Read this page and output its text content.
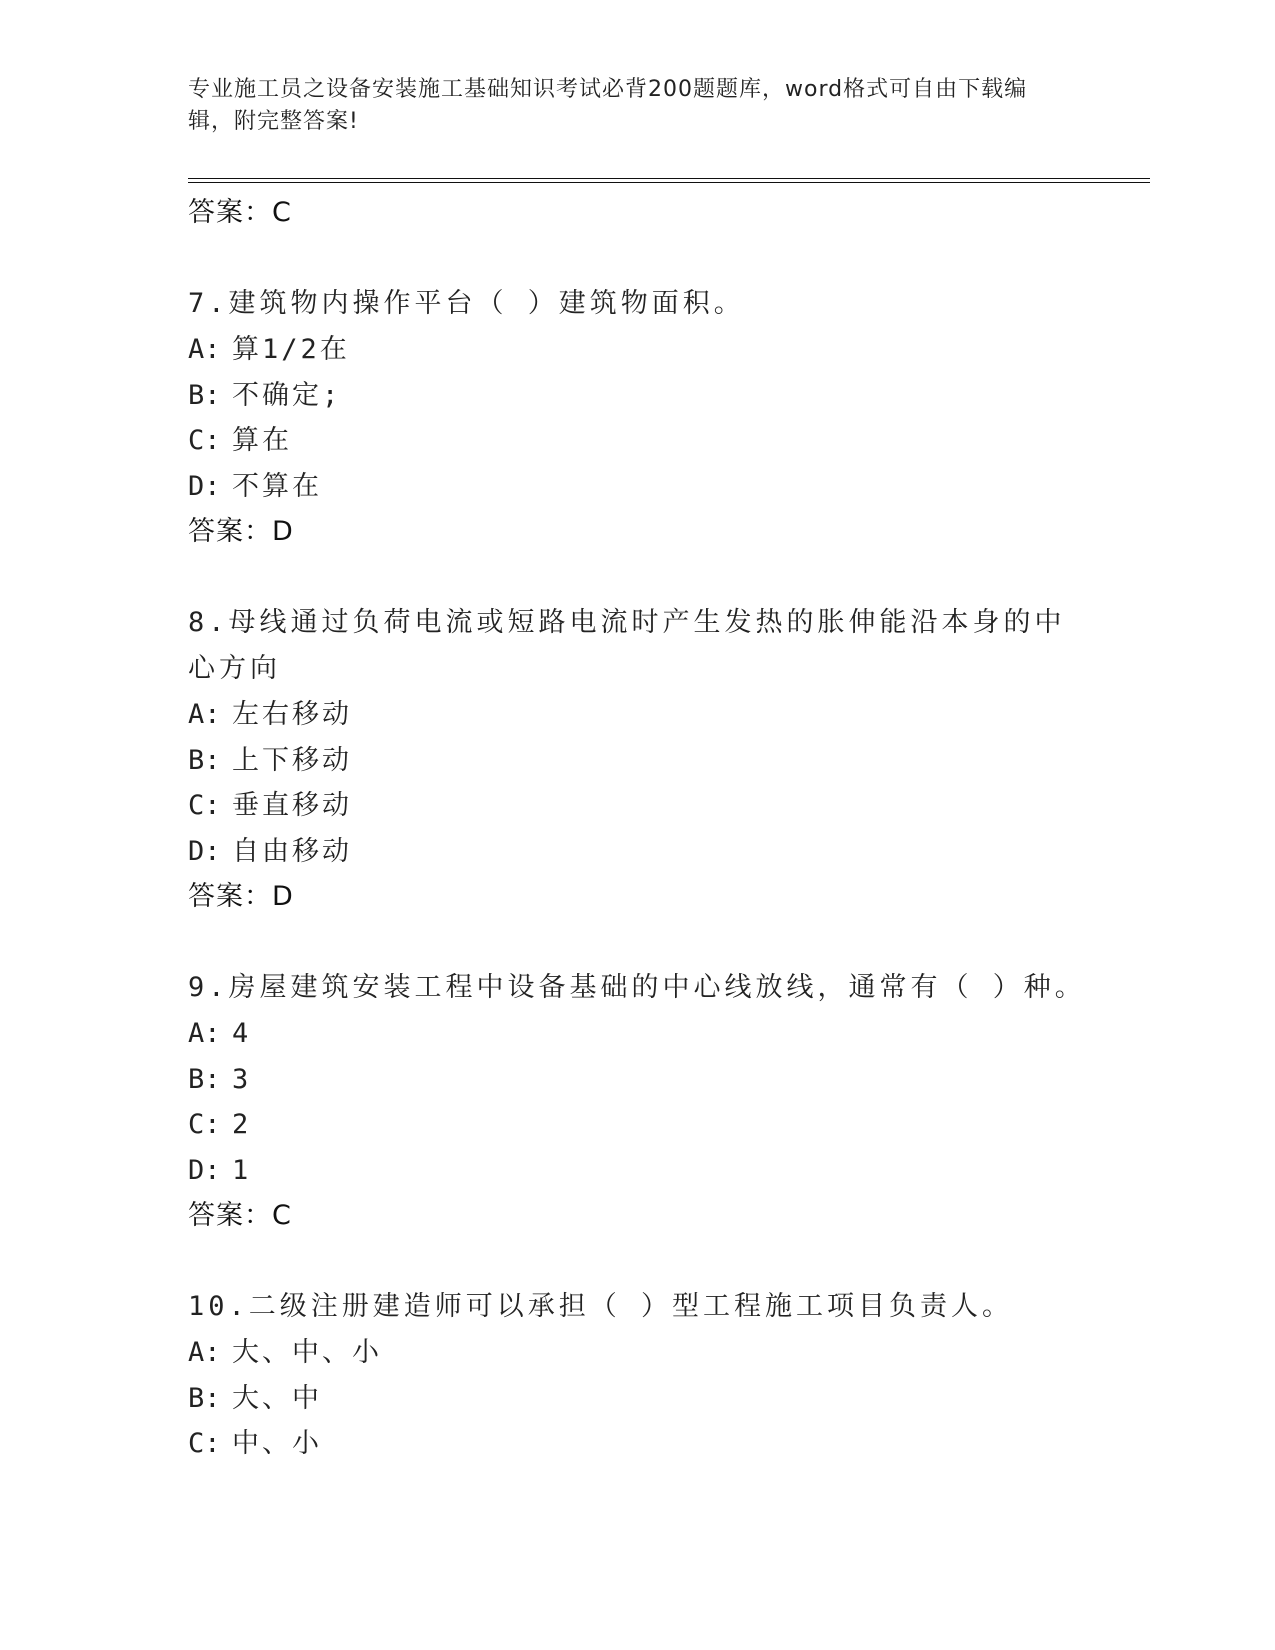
专业施工员之设备安装施工基础知识考试必背200题题库，word格式可自由下载编辑，附完整答案!
答案：C
7.建筑物内操作平台（ ）建筑物面积。
A: 算1/2在
B: 不确定;
C: 算在
D: 不算在
答案：D
8.母线通过负荷电流或短路电流时产生发热的胀伸能沿本身的中心方向
A: 左右移动
B: 上下移动
C: 垂直移动
D: 自由移动
答案：D
9.房屋建筑安装工程中设备基础的中心线放线，通常有（ ）种。
A: 4
B: 3
C: 2
D: 1
答案：C
10.二级注册建造师可以承担（ ）型工程施工项目负责人。
A: 大、中、小
B: 大、中
C: 中、小
